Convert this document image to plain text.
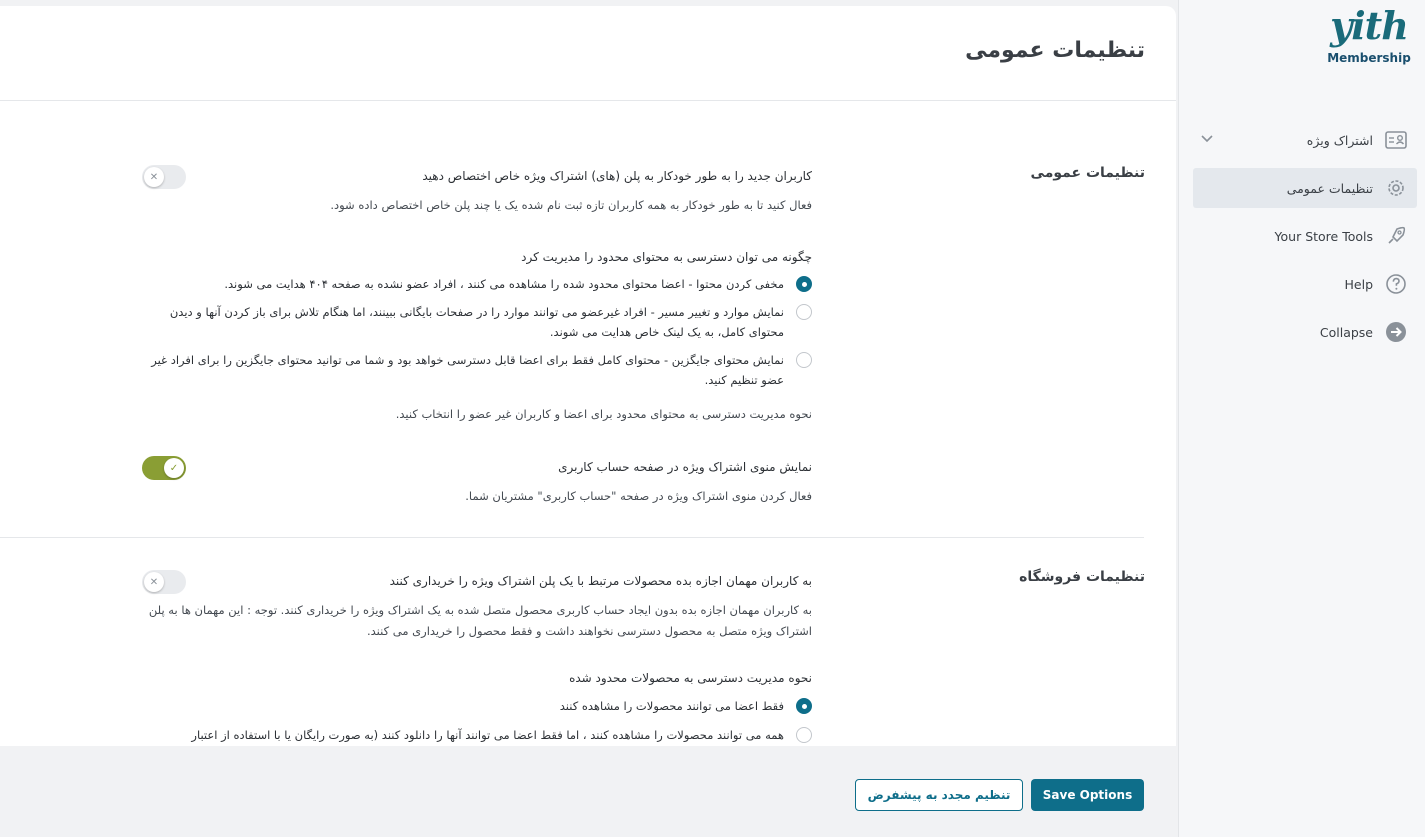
yith
Membership
اشتراک ویژه
تنظیمات عمومی
Your Store Tools
Help
Collapse
تنظیمات عمومی
تنظیمات عمومی
کاربران جدید را به طور خودکار به پلن (های) اشتراک ویژه خاص اختصاص دهید
✕
فعال کنید تا به طور خودکار به همه کاربران تازه ثبت نام شده یک یا چند پلن خاص اختصاص داده شود.
چگونه می توان دسترسی به محتوای محدود را مدیریت کرد
مخفی کردن محتوا - اعضا محتوای محدود شده را مشاهده می کنند ، افراد عضو نشده به صفحه ۴۰۴ هدایت می شوند.
نمایش موارد و تغییر مسیر - افراد غیرعضو می توانند موارد را در صفحات بایگانی ببینند، اما هنگام تلاش برای باز کردن آنها و دیدن محتوای کامل، به یک لینک خاص هدایت می شوند.
نمایش محتوای جایگزین - محتوای کامل فقط برای اعضا قابل دسترسی خواهد بود و شما می توانید محتوای جایگزین را برای افراد غیر عضو تنظیم کنید.
نحوه مدیریت دسترسی به محتوای محدود برای اعضا و کاربران غیر عضو را انتخاب کنید.
نمایش منوی اشتراک ویژه در صفحه حساب کاربری
✓
فعال کردن منوی اشتراک ویژه در صفحه "حساب کاربری" مشتریان شما.
تنظیمات فروشگاه
به کاربران مهمان اجازه بده محصولات مرتبط با یک پلن اشتراک ویژه را خریداری کنند
✕
به کاربران مهمان اجازه بده بدون ایجاد حساب کاربری محصول متصل شده به یک اشتراک ویژه را خریداری کنند. توجه : این مهمان ها به پلن اشتراک ویژه متصل به محصول دسترسی نخواهند داشت و فقط محصول را خریداری می کنند.
نحوه مدیریت دسترسی به محصولات محدود شده
فقط اعضا می توانند محصولات را مشاهده کنند
همه می توانند محصولات را مشاهده کنند ، اما فقط اعضا می توانند آنها را دانلود کنند (به صورت رایگان یا با استفاده از اعتبار
تنظیم مجدد به پیشفرض	Save Options
